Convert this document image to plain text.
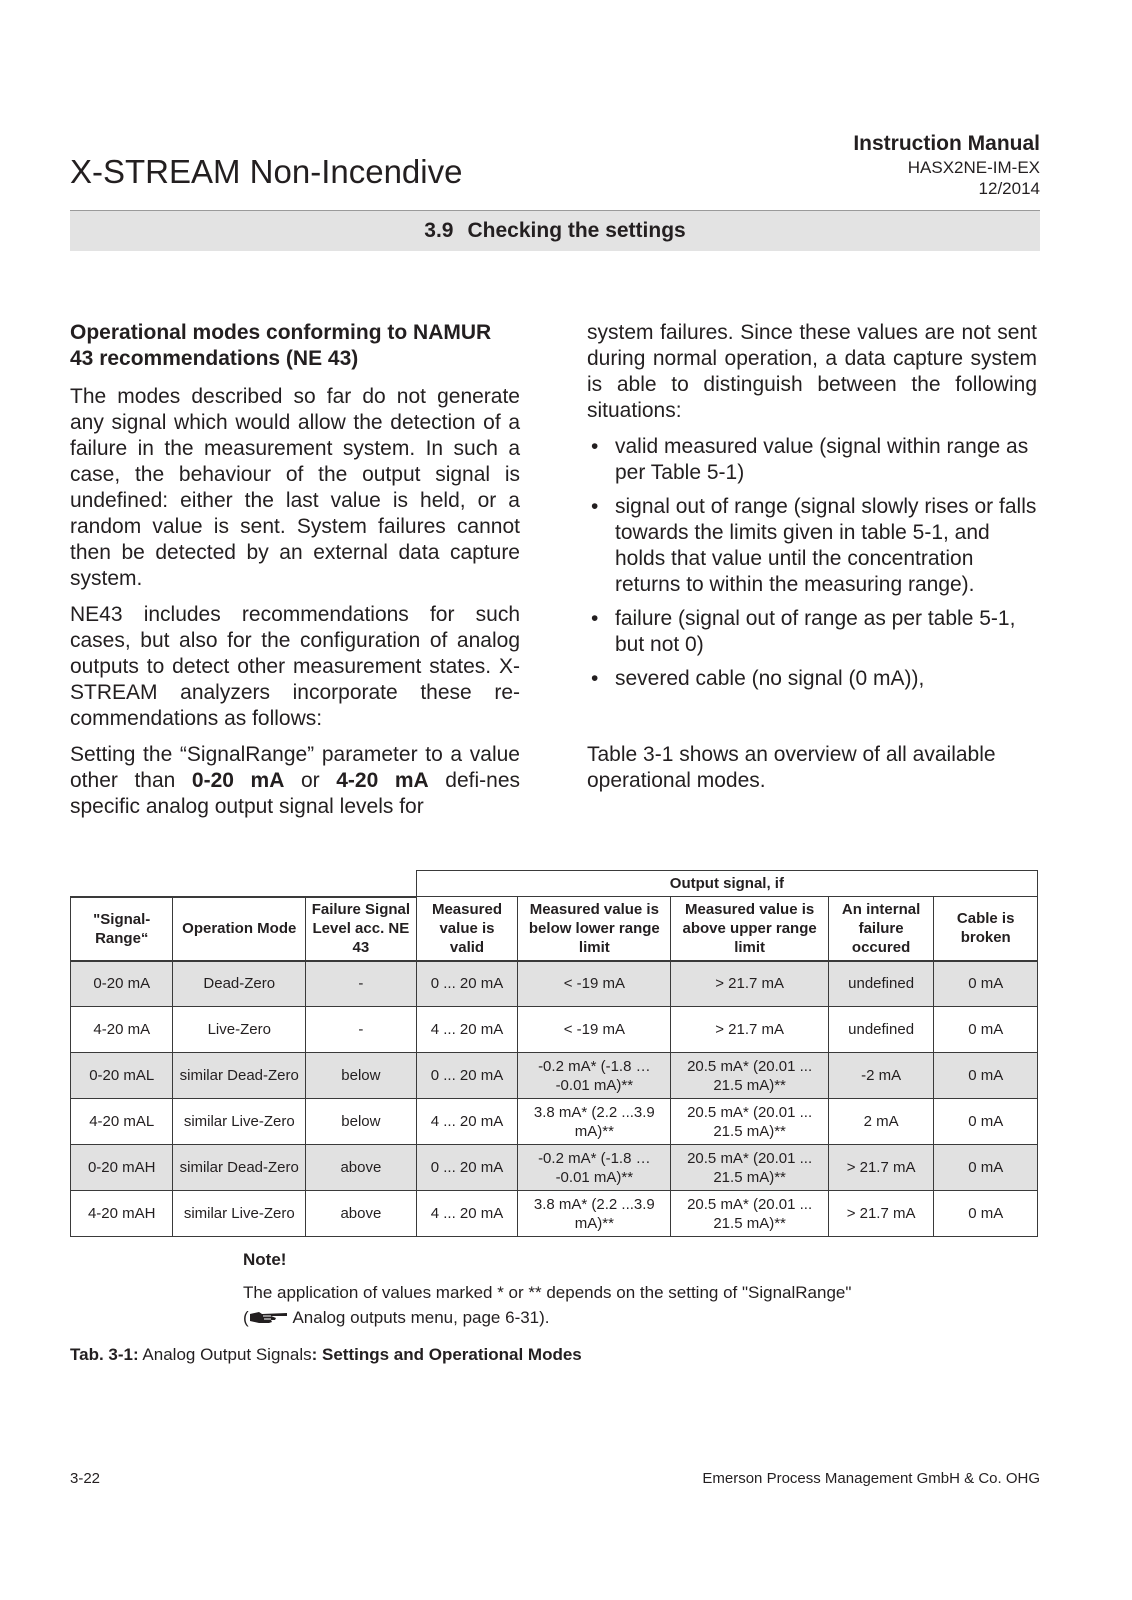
X-STREAM Non-Incendive
Instruction Manual
HASX2NE-IM-EX
12/2014
3.9 Checking the settings
Operational modes conforming to NAMUR 43 recommendations (NE 43)

The modes described so far do not generate any signal which would allow the detection of a failure in the measurement system. In such a case, the behaviour of the output signal is undefined: either the last value is held, or a random value is sent. System failures cannot then be detected by an external data capture system.

NE43 includes recommendations for such cases, but also for the configuration of analog outputs to detect other measurement states. X-STREAM analyzers incorporate these re-commendations as follows:

Setting the “SignalRange” parameter to a value other than 0-20 mA or 4-20 mA defi-nes specific analog output signal levels for

system failures. Since these values are not sent during normal operation, a data capture system is able to distinguish between the following situations:

• valid measured value (signal within range as per Table 5-1)
• signal out of range (signal slowly rises or falls towards the limits given in table 5-1, and holds that value until the concentration returns to within the measuring range).
• failure (signal out of range as per table 5-1, but not 0)
• severed cable (no signal (0 mA)),

Table 3-1 shows an overview of all available operational modes.

			Output signal, if				
"Signal-Range“	Operation Mode	Failure Signal Level acc. NE 43	Measured value is valid	Measured value is below lower range limit	Measured value is above upper range limit	An internal failure occured	Cable is broken
0-20 mA	Dead-Zero	-	0 ... 20 mA	< -19 mA	> 21.7 mA	undefined	0 mA
4-20 mA	Live-Zero	-	4 ... 20 mA	< -19 mA	> 21.7 mA	undefined	0 mA
0-20 mAL	similar Dead-Zero	below	0 ... 20 mA	-0.2 mA* (-1.8 … -0.01 mA)**	20.5 mA* (20.01 ... 21.5 mA)**	-2 mA	0 mA
4-20 mAL	similar Live-Zero	below	4 ... 20 mA	3.8 mA* (2.2 ...3.9 mA)**	20.5 mA* (20.01 ... 21.5 mA)**	2 mA	0 mA
0-20 mAH	similar Dead-Zero	above	0 ... 20 mA	-0.2 mA* (-1.8 … -0.01 mA)**	20.5 mA* (20.01 ... 21.5 mA)**	> 21.7 mA	0 mA
4-20 mAH	similar Live-Zero	above	4 ... 20 mA	3.8 mA* (2.2 ...3.9 mA)**	20.5 mA* (20.01 ... 21.5 mA)**	> 21.7 mA	0 mA
Note!
The application of values marked * or ** depends on the setting of "SignalRange"
( Analog outputs menu, page 6-31).
Tab. 3-1: Analog Output Signals: Settings and Operational Modes
3-22	Emerson Process Management GmbH & Co. OHG
